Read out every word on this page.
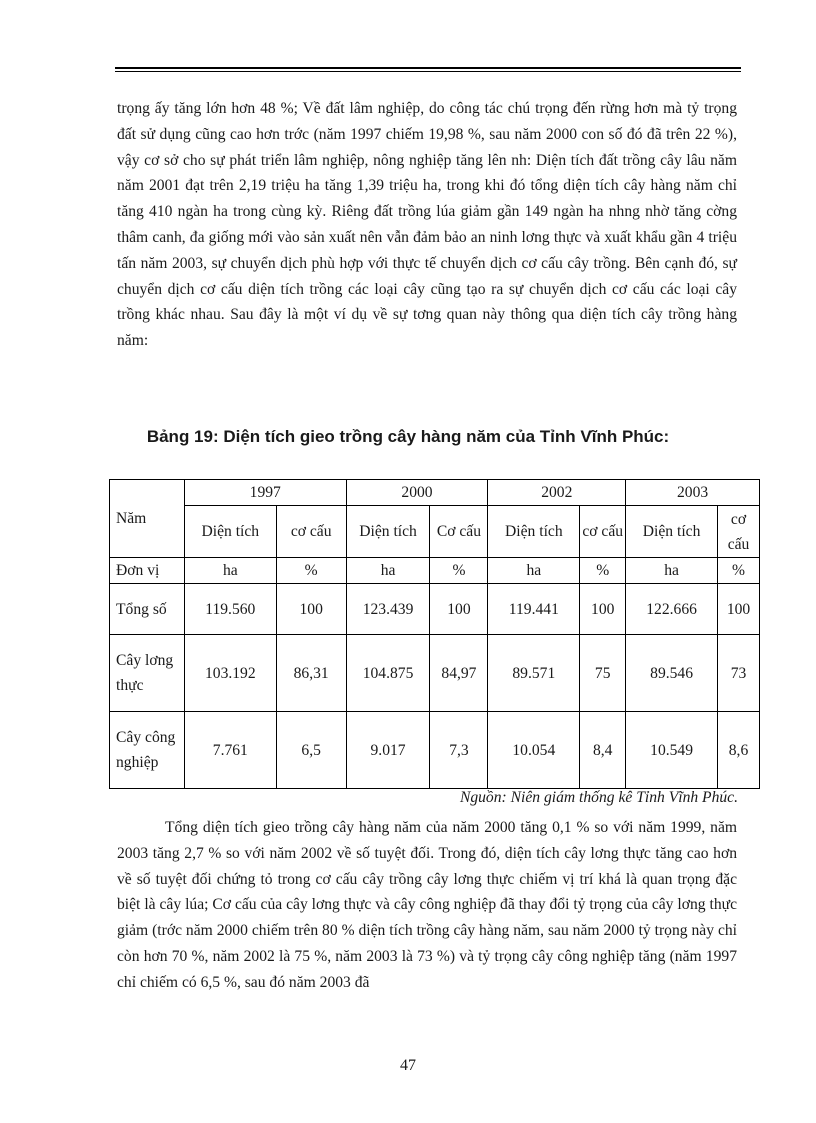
trọng ấy tăng lớn hơn 48 %; Về đất lâm nghiệp, do công tác chú trọng đến rừng hơn mà tỷ trọng đất sử dụng cũng cao hơn trớc (năm 1997 chiếm 19,98 %, sau năm 2000 con số đó đã trên 22 %), vậy cơ sở cho sự phát triển lâm nghiệp, nông nghiệp tăng lên nh: Diện tích đất trồng cây lâu năm năm 2001 đạt trên 2,19 triệu ha tăng 1,39 triệu ha, trong khi đó tổng diện tích cây hàng năm chỉ tăng 410 ngàn ha trong cùng kỳ. Riêng đất trồng lúa giảm gần 149 ngàn ha nhng nhờ tăng cờng thâm canh, đa giống mới vào sản xuất nên vẫn đảm bảo an ninh lơng thực và xuất khẩu gần 4 triệu tấn năm 2003, sự chuyển dịch phù hợp với thực tế chuyển dịch cơ cấu cây trồng. Bên cạnh đó, sự chuyển dịch cơ cấu diện tích trồng các loại cây cũng tạo ra sự chuyển dịch cơ cấu các loại cây trồng khác nhau. Sau đây là một ví dụ về sự tơng quan này thông qua diện tích cây trồng hàng năm:

Bảng 19: Diện tích gieo trồng cây hàng năm của Tỉnh Vĩnh Phúc:

Năm	1997		2000		2002		2003	
	Diện tích	cơ cấu	Diện tích	Cơ cấu	Diện tích	cơ cấu	Diện tích	cơ cấu
Đơn vị	ha	%	ha	%	ha	%	ha	%
Tổng số	119.560	100	123.439	100	119.441	100	122.666	100
Cây lơng thực	103.192	86,31	104.875	84,97	89.571	75	89.546	73
Cây công nghiệp	7.761	6,5	9.017	7,3	10.054	8,4	10.549	8,6

Nguồn: Niên giám thống kê Tỉnh Vĩnh Phúc.

Tổng diện tích gieo trồng cây hàng năm của năm 2000 tăng 0,1 % so với năm 1999, năm 2003 tăng 2,7 % so với năm 2002 về số tuyệt đối. Trong đó, diện tích cây lơng thực tăng cao hơn về số tuyệt đối chứng tỏ trong cơ cấu cây trồng cây lơng thực chiếm vị trí khá là quan trọng đặc biệt là cây lúa; Cơ cấu của cây lơng thực và cây công nghiệp đã thay đổi tỷ trọng của cây lơng thực giảm (trớc năm 2000 chiếm trên 80 % diện tích trồng cây hàng năm, sau năm 2000 tỷ trọng này chỉ còn hơn 70 %, năm 2002 là 75 %, năm 2003 là 73 %) và tỷ trọng cây công nghiệp tăng (năm 1997 chỉ chiếm có 6,5 %, sau đó năm 2003 đã

47
